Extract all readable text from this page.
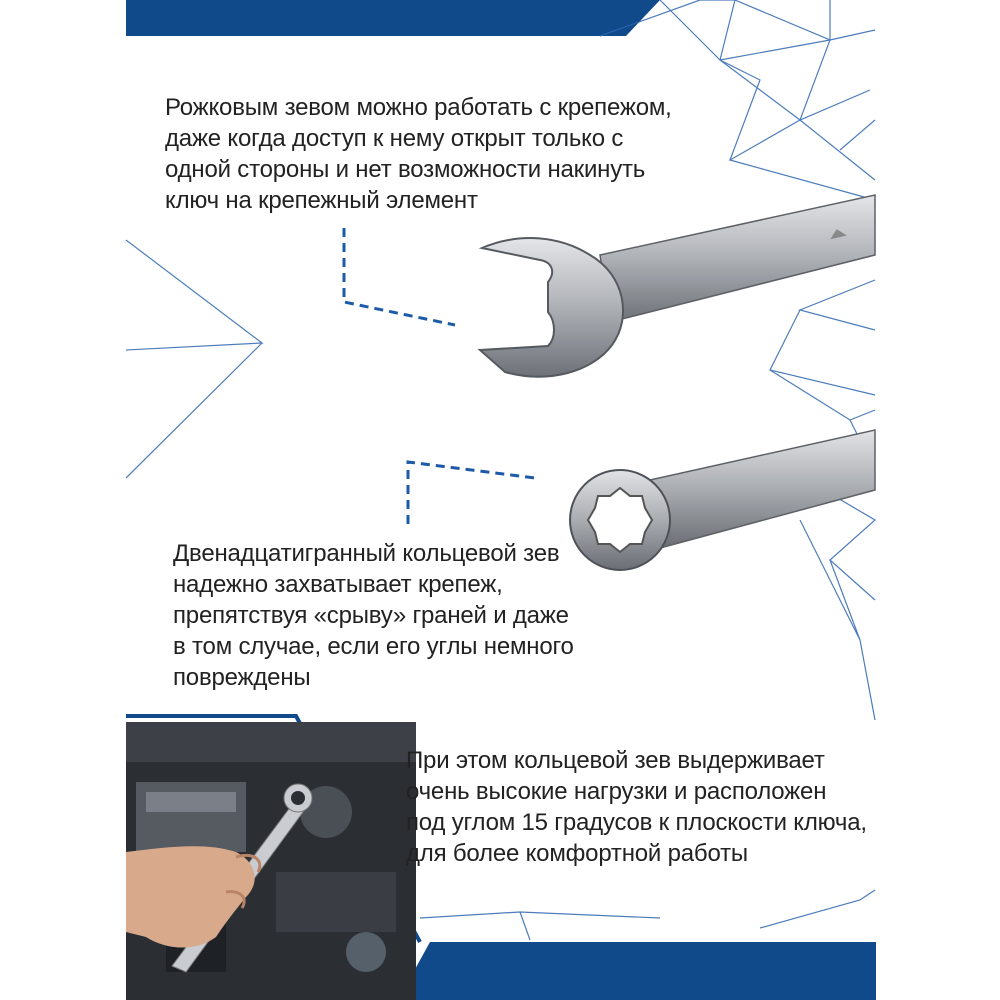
◢◣
Рожковым зевом можно работать с крепежом,
даже когда доступ к нему открыт только с
одной стороны и нет возможности накинуть
ключ на крепежный элемент
Двенадцатигранный кольцевой зев
надежно захватывает крепеж,
препятствуя «срыву» граней и даже
в том случае, если его углы немного
повреждены
При этом кольцевой зев выдерживает
очень высокие нагрузки и расположен
под углом 15 градусов к плоскости ключа,
для более комфортной работы
